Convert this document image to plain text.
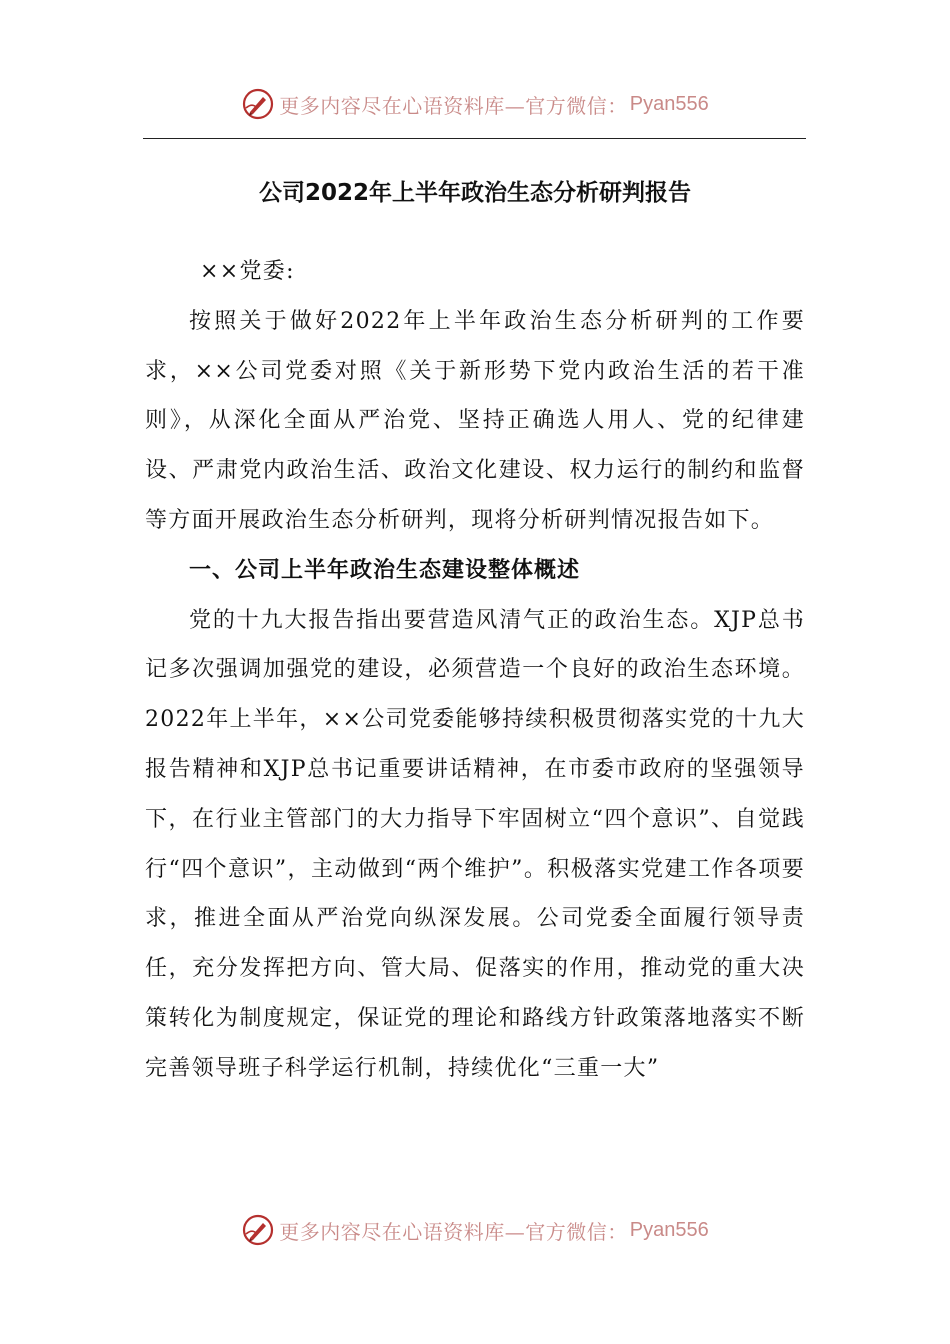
更多内容尽在心语资料库—官方微信： Pyan556
公司2022年上半年政治生态分析研判报告

××党委:

按照关于做好2022年上半年政治生态分析研判的工作要求，××公司党委对照《关于新形势下党内政治生活的若干准则》，从深化全面从严治党、坚持正确选人用人、党的纪律建设、严肃党内政治生活、政治文化建设、权力运行的制约和监督等方面开展政治生态分析研判，现将分析研判情况报告如下。

一、公司上半年政治生态建设整体概述

党的十九大报告指出要营造风清气正的政治生态。XJP总书记多次强调加强党的建设，必须营造一个良好的政治生态环境。2022年上半年，××公司党委能够持续积极贯彻落实党的十九大报告精神和XJP总书记重要讲话精神，在市委市政府的坚强领导下，在行业主管部门的大力指导下牢固树立“四个意识”、自觉践行“四个意识”，主动做到“两个维护”。积极落实党建工作各项要求，推进全面从严治党向纵深发展。公司党委全面履行领导责任，充分发挥把方向、管大局、促落实的作用，推动党的重大决策转化为制度规定，保证党的理论和路线方针政策落地落实不断完善领导班子科学运行机制，持续优化“三重一大”

更多内容尽在心语资料库—官方微信： Pyan556
